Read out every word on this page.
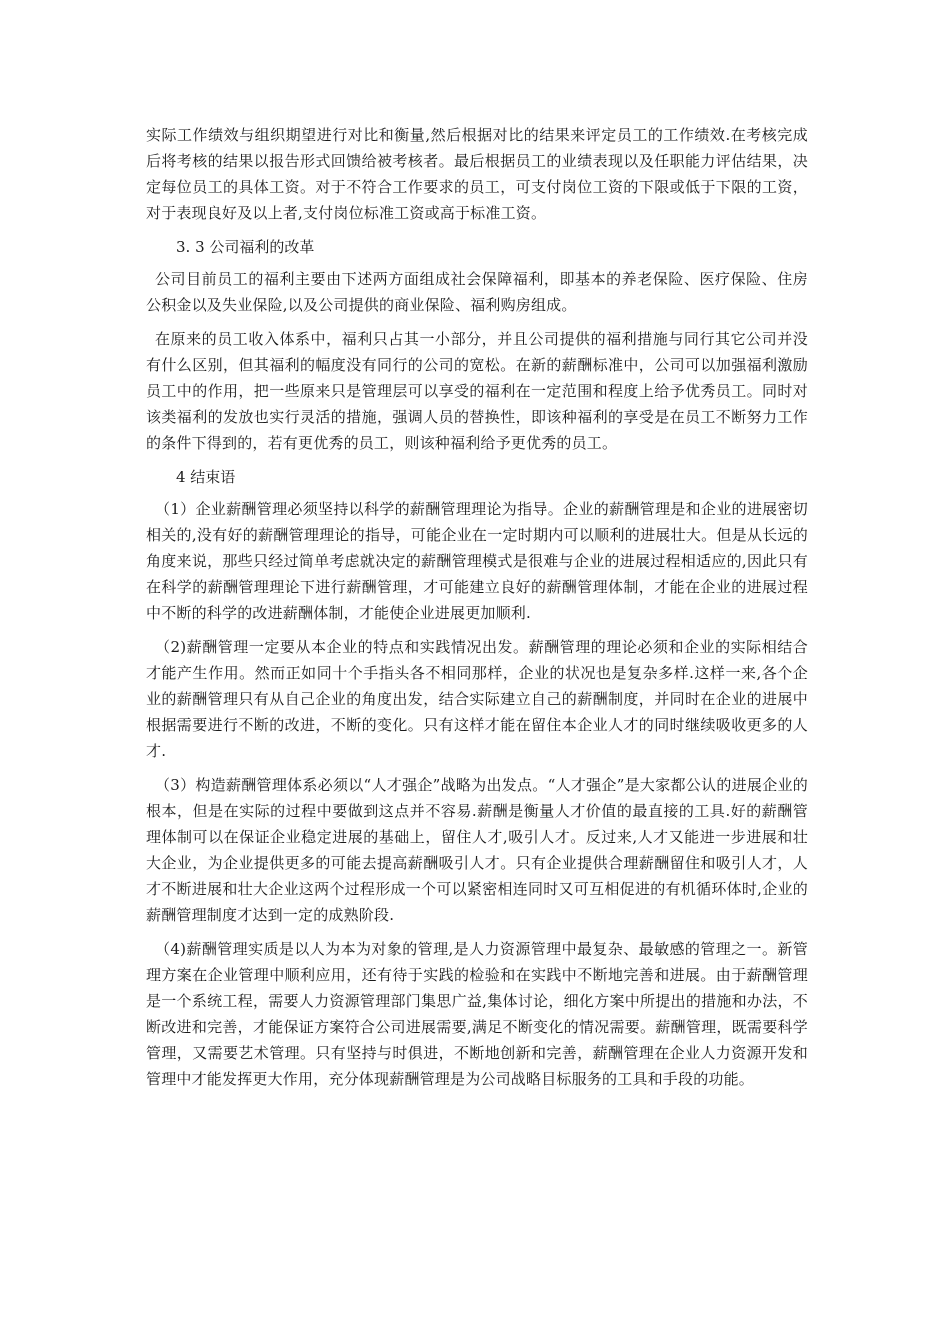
实际工作绩效与组织期望进行对比和衡量,然后根据对比的结果来评定员工的工作绩效.在考核完成后将考核的结果以报告形式回馈给被考核者。最后根据员工的业绩表现以及任职能力评估结果，决定每位员工的具体工资。对于不符合工作要求的员工，可支付岗位工资的下限或低于下限的工资，对于表现良好及以上者,支付岗位标准工资或高于标准工资。

3. 3 公司福利的改革

公司目前员工的福利主要由下述两方面组成社会保障福利，即基本的养老保险、医疗保险、住房公积金以及失业保险,以及公司提供的商业保险、福利购房组成。

在原来的员工收入体系中，福利只占其一小部分，并且公司提供的福利措施与同行其它公司并没有什么区别，但其福利的幅度没有同行的公司的宽松。在新的薪酬标准中，公司可以加强福利激励员工中的作用，把一些原来只是管理层可以享受的福利在一定范围和程度上给予优秀员工。同时对该类福利的发放也实行灵活的措施，强调人员的替换性，即该种福利的享受是在员工不断努力工作的条件下得到的，若有更优秀的员工，则该种福利给予更优秀的员工。

4 结束语

（1）企业薪酬管理必须坚持以科学的薪酬管理理论为指导。企业的薪酬管理是和企业的进展密切相关的,没有好的薪酬管理理论的指导，可能企业在一定时期内可以顺利的进展壮大。但是从长远的角度来说，那些只经过简单考虑就决定的薪酬管理模式是很难与企业的进展过程相适应的,因此只有在科学的薪酬管理理论下进行薪酬管理，才可能建立良好的薪酬管理体制，才能在企业的进展过程中不断的科学的改进薪酬体制，才能使企业进展更加顺利.

（2)薪酬管理一定要从本企业的特点和实践情况出发。薪酬管理的理论必须和企业的实际相结合才能产生作用。然而正如同十个手指头各不相同那样，企业的状况也是复杂多样.这样一来,各个企业的薪酬管理只有从自己企业的角度出发，结合实际建立自己的薪酬制度，并同时在企业的进展中根据需要进行不断的改进，不断的变化。只有这样才能在留住本企业人才的同时继续吸收更多的人才.

（3）构造薪酬管理体系必须以“人才强企”战略为出发点。“人才强企”是大家都公认的进展企业的根本，但是在实际的过程中要做到这点并不容易.薪酬是衡量人才价值的最直接的工具.好的薪酬管理体制可以在保证企业稳定进展的基础上，留住人才,吸引人才。反过来,人才又能进一步进展和壮大企业，为企业提供更多的可能去提高薪酬吸引人才。只有企业提供合理薪酬留住和吸引人才，人才不断进展和壮大企业这两个过程形成一个可以紧密相连同时又可互相促进的有机循环体时,企业的薪酬管理制度才达到一定的成熟阶段.

（4)薪酬管理实质是以人为本为对象的管理,是人力资源管理中最复杂、最敏感的管理之一。新管理方案在企业管理中顺利应用，还有待于实践的检验和在实践中不断地完善和进展。由于薪酬管理是一个系统工程，需要人力资源管理部门集思广益,集体讨论，细化方案中所提出的措施和办法，不断改进和完善，才能保证方案符合公司进展需要,满足不断变化的情况需要。薪酬管理，既需要科学管理，又需要艺术管理。只有坚持与时俱进，不断地创新和完善，薪酬管理在企业人力资源开发和管理中才能发挥更大作用，充分体现薪酬管理是为公司战略目标服务的工具和手段的功能。
